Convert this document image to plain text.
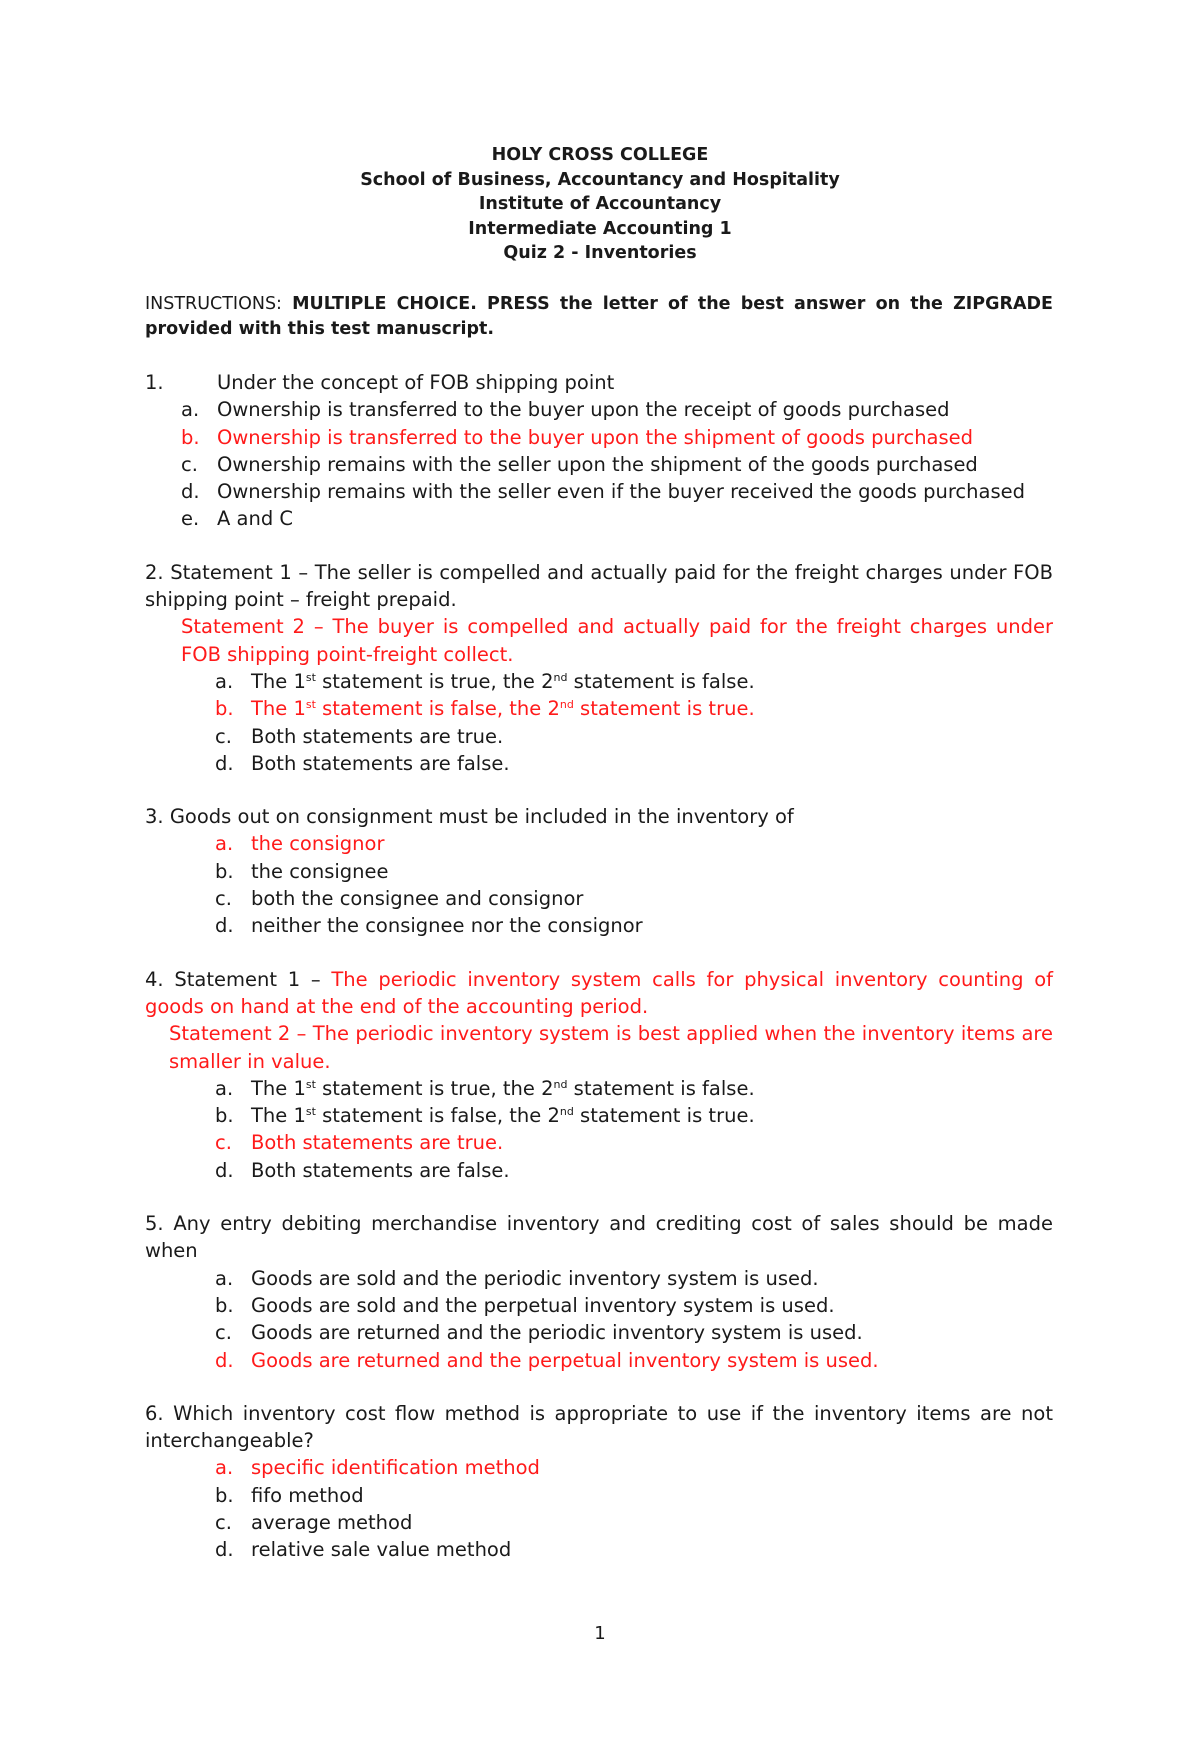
HOLY CROSS COLLEGE
School of Business, Accountancy and Hospitality
Institute of Accountancy
Intermediate Accounting 1
Quiz 2 - Inventories
INSTRUCTIONS: MULTIPLE CHOICE. PRESS the letter of the best answer on the ZIPGRADE provided with this test manuscript.
1.	Under the concept of FOB shipping point
a. Ownership is transferred to the buyer upon the receipt of goods purchased
b. Ownership is transferred to the buyer upon the shipment of goods purchased
c. Ownership remains with the seller upon the shipment of the goods purchased
d. Ownership remains with the seller even if the buyer received the goods purchased
e. A and C
2. Statement 1 – The seller is compelled and actually paid for the freight charges under FOB shipping point – freight prepaid.
Statement 2 – The buyer is compelled and actually paid for the freight charges under FOB shipping point-freight collect.
a. The 1st statement is true, the 2nd statement is false.
b. The 1st statement is false, the 2nd statement is true.
c. Both statements are true.
d. Both statements are false.
3. Goods out on consignment must be included in the inventory of
a. the consignor
b. the consignee
c. both the consignee and consignor
d. neither the consignee nor the consignor
4. Statement 1 – The periodic inventory system calls for physical inventory counting of goods on hand at the end of the accounting period.
Statement 2 – The periodic inventory system is best applied when the inventory items are smaller in value.
a. The 1st statement is true, the 2nd statement is false.
b. The 1st statement is false, the 2nd statement is true.
c. Both statements are true.
d. Both statements are false.
5. Any entry debiting merchandise inventory and crediting cost of sales should be made when
a. Goods are sold and the periodic inventory system is used.
b. Goods are sold and the perpetual inventory system is used.
c. Goods are returned and the periodic inventory system is used.
d. Goods are returned and the perpetual inventory system is used.
6. Which inventory cost flow method is appropriate to use if the inventory items are not interchangeable?
a. specific identification method
b. fifo method
c. average method
d. relative sale value method
1
